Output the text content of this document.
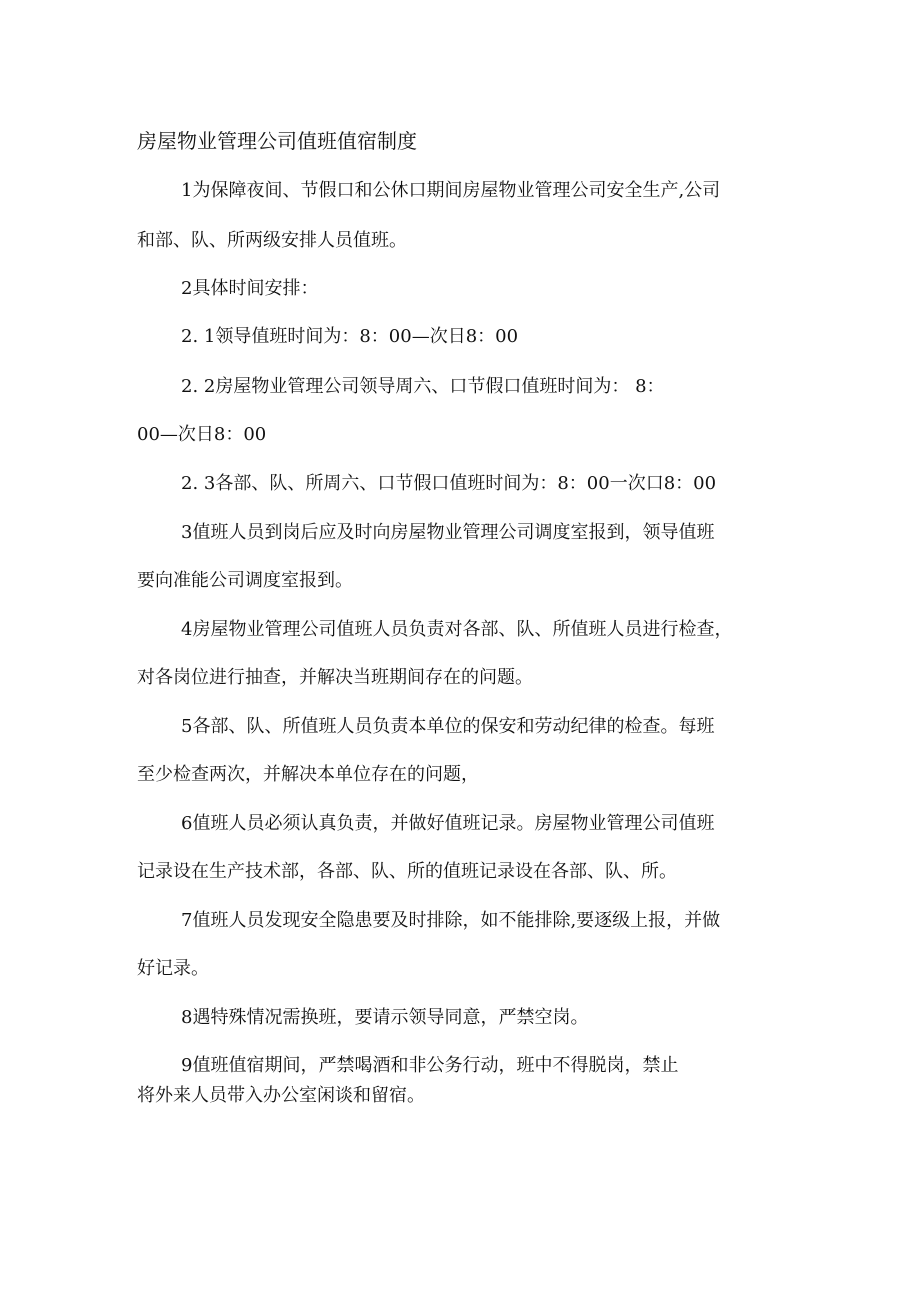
房屋物业管理公司值班值宿制度
1为保障夜间、节假口和公休口期间房屋物业管理公司安全生产,公司
和部、队、所两级安排人员值班。
2具体时间安排：
2. 1领导值班时间为：8：00—次日8：00
2. 2房屋物业管理公司领导周六、口节假口值班时间为： 8：
00—次日8：00
2. 3各部、队、所周六、口节假口值班时间为：8：00一次口8：00
3值班人员到岗后应及时向房屋物业管理公司调度室报到，领导值班
要向准能公司调度室报到。
4房屋物业管理公司值班人员负责对各部、队、所值班人员进行检查，
对各岗位进行抽查，并解决当班期间存在的问题。
5各部、队、所值班人员负责本单位的保安和劳动纪律的检查。每班
至少检查两次，并解决本单位存在的问题，
6值班人员必须认真负责，并做好值班记录。房屋物业管理公司值班
记录设在生产技术部，各部、队、所的值班记录设在各部、队、所。
7值班人员发现安全隐患要及时排除，如不能排除,要逐级上报，并做
好记录。
8遇特殊情况需换班，要请示领导同意，严禁空岗。
9值班值宿期间，严禁喝酒和非公务行动，班中不得脱岗，禁止
将外来人员带入办公室闲谈和留宿。
